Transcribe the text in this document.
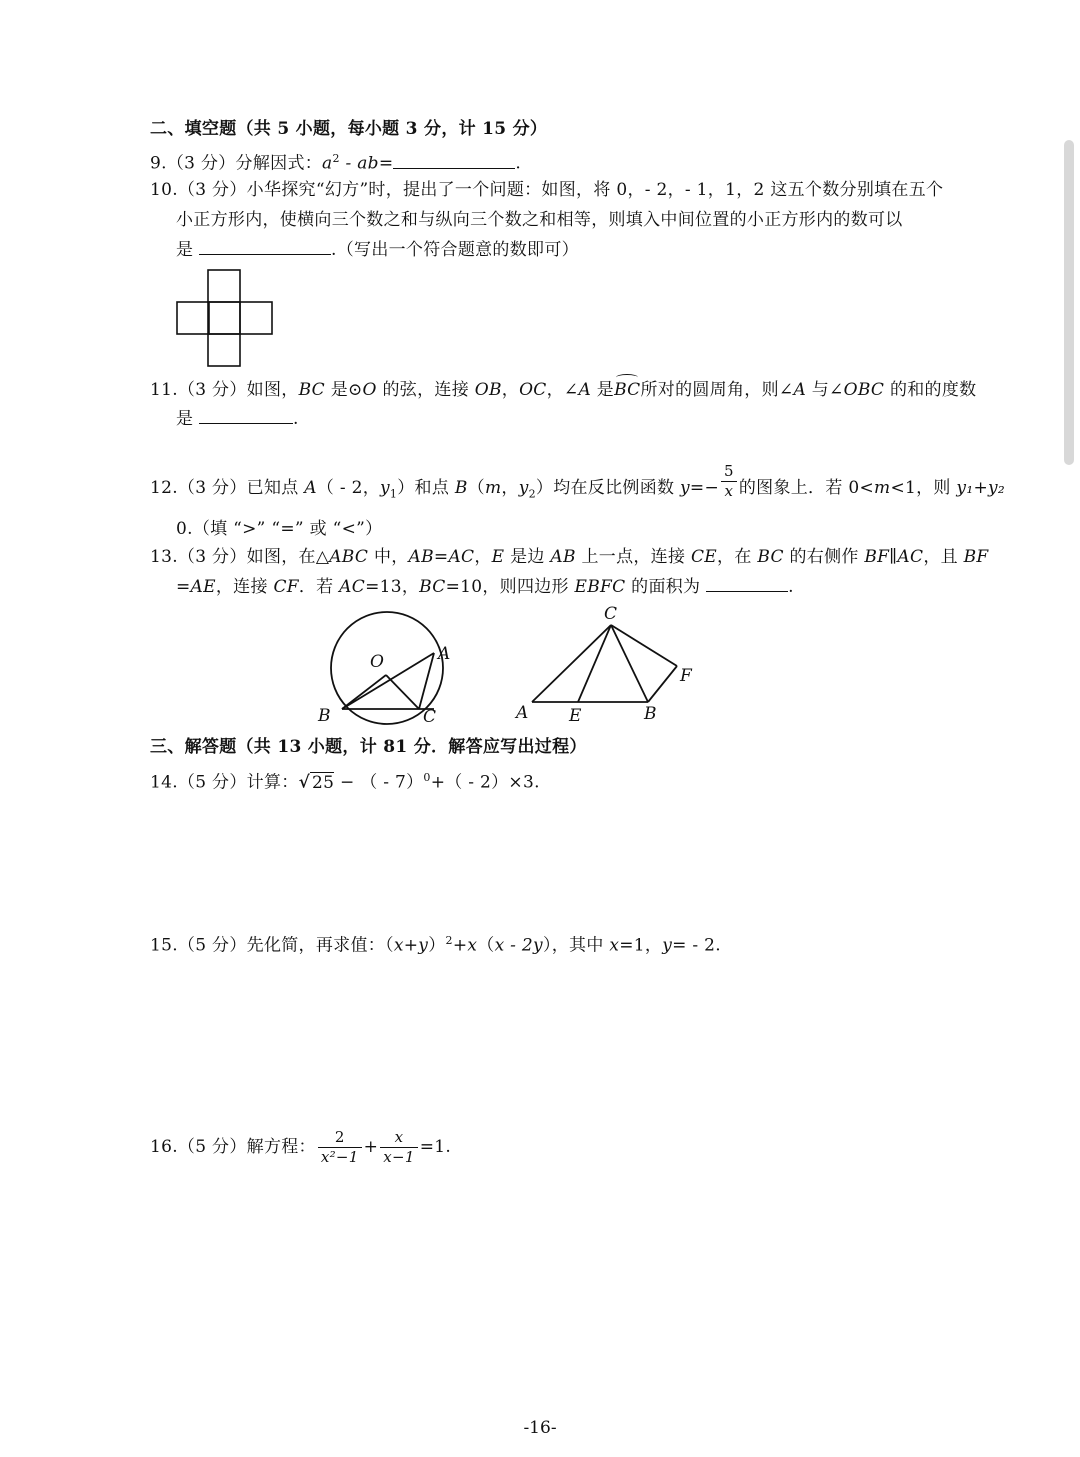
二、填空题（共 5 小题，每小题 3 分，计 15 分）
9.（3 分）分解因式：$a^2 - ab=$	.
10.（3 分）小华探究“幻方”时，提出了一个问题：如图，将 0，- 2，- 1，1，2 这五个数分别填在五个
小正方形内，使横向三个数之和与纵向三个数之和相等，则填入中间位置的小正方形内的数可以
是	.（写出一个符合题意的数即可）
11.（3 分）如图，BC 是⊙O 的弦，连接 OB，OC，∠A 是BC所对的圆周角，则∠A 与∠OBC 的和的度数
是	.
12.（3 分）已知点 A（ - 2，$y_1$）和点 B（m，$y_2$）均在反比例函数 $y=- \frac{5}{x}$ 的图象上．若 0<m<1，则 y₁+y₂
0.（填 “>” “=” 或 “<”）
13.（3 分）如图，在△ABC 中，AB=AC，E 是边 AB 上一点，连接 CE，在 BC 的右侧作 BF∥AC，且 BF
=AE，连接 CF．若 AC=13，BC=10，则四边形 EBFC 的面积为	.
O	A
B	C
C
F
A E	B
三、解答题（共 13 小题，计 81 分．解答应写出过程）
14.（5 分）计算：√ 25 − （ - 7）$^0$+（ - 2）×3.
15.（5 分）先化简，再求值：$(x+y)^2+x(x - 2y)$，其中 x=1，y= - 2.
16.（5 分）解方程： $\frac{2}{\text{x²−1}} + \frac{x}{x-1} =1$.
-16-
